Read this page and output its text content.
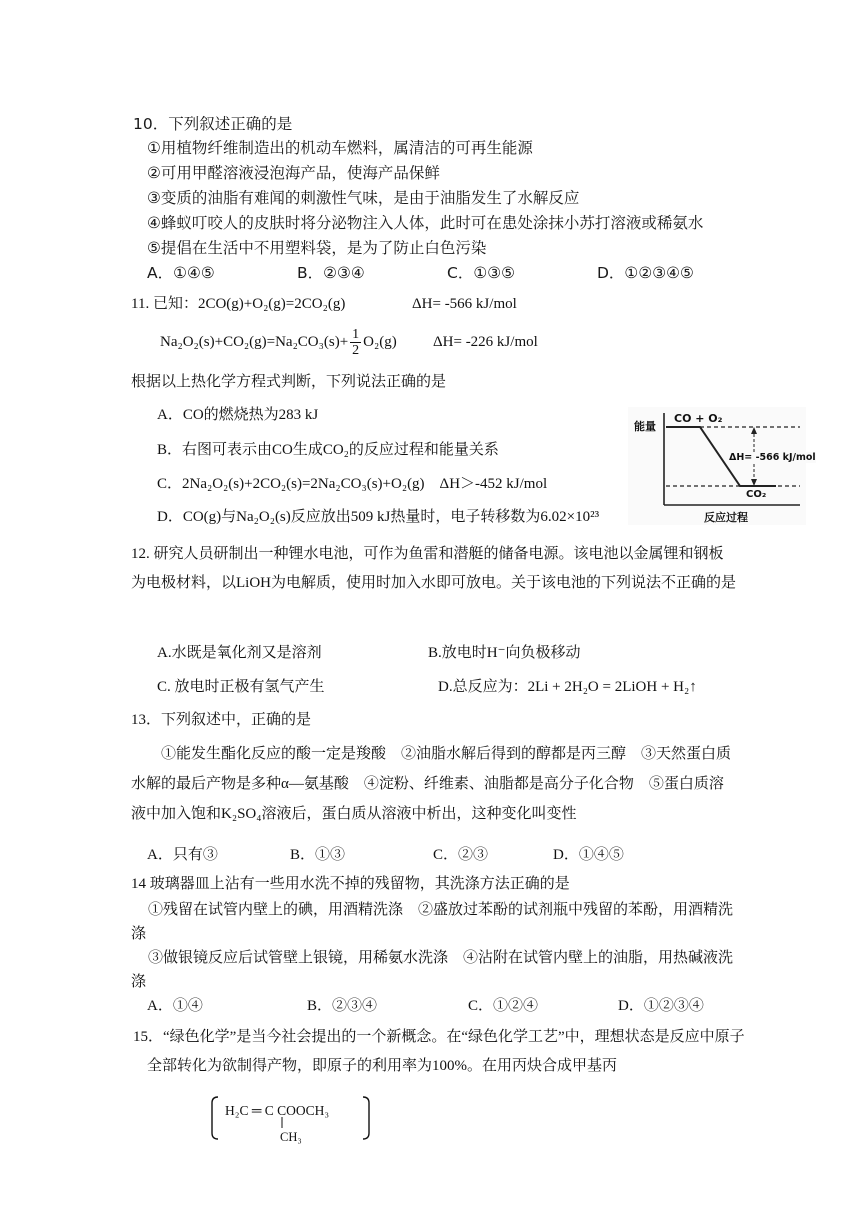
10．下列叙述正确的是
①用植物纤维制造出的机动车燃料，属清洁的可再生能源
②可用甲醛溶液浸泡海产品，使海产品保鲜
③变质的油脂有难闻的刺激性气味，是由于油脂发生了水解反应
④蜂蚁叮咬人的皮肤时将分泌物注入人体，此时可在患处涂抹小苏打溶液或稀氨水
⑤提倡在生活中不用塑料袋，是为了防止白色污染
A．①④⑤	B．②③④	C．①③⑤	D．①②③④⑤
11. 已知：2CO(g)+O₂(g)=2CO₂(g)	ΔH= -566 kJ/mol
$Na_2O_2(s)+CO_2(g)=Na_2CO_3(s)+ \frac{1}{2} O_2(g)$ ΔH= -226 kJ/mol
根据以上热化学方程式判断，下列说法正确的是
A．CO的燃烧热为283 kJ
B．右图可表示由CO生成CO₂的反应过程和能量关系
C．2Na₂O₂(s)+2CO₂(s)=2Na₂CO₃(s)+O₂(g)　ΔH＞-452 kJ/mol
D．CO(g)与Na₂O₂(s)反应放出509 kJ热量时，电子转移数为6.02×10²³
能量
CO + O₂
ΔH= -566 kJ/mol
CO₂
反应过程
12. 研究人员研制出一种锂水电池，可作为鱼雷和潜艇的储备电源。该电池以金属锂和钢板为电极材料，以LiOH为电解质，使用时加入水即可放电。关于该电池的下列说法不正确的是
A.水既是氧化剂又是溶剂	B.放电时H⁻向负极移动
C. 放电时正极有氢气产生	D.总反应为：2Li + 2H₂O = 2LiOH + H₂↑
13．下列叙述中，正确的是
①能发生酯化反应的酸一定是羧酸　②油脂水解后得到的醇都是丙三醇　③天然蛋白质水解的最后产物是多种α—氨基酸　④淀粉、纤维素、油脂都是高分子化合物　⑤蛋白质溶液中加入饱和K₂SO₄溶液后，蛋白质从溶液中析出，这种变化叫变性
A．只有③	B．①③	C．②③	D．①④⑤
14 玻璃器皿上沾有一些用水洗不掉的残留物，其洗涤方法正确的是
①残留在试管内壁上的碘，用酒精洗涤　②盛放过苯酚的试剂瓶中残留的苯酚，用酒精洗涤
③做银镜反应后试管壁上银镜，用稀氨水洗涤　④沾附在试管内壁上的油脂，用热碱液洗涤
A．①④	B．②③④	C．①②④	D．①②③④
15．“绿色化学”是当今社会提出的一个新概念。在“绿色化学工艺”中，理想状态是反应中原子全部转化为欲制得产物，即原子的利用率为100%。在用丙炔合成甲基丙
H₂C ═ C COOCH₃
CH₃
